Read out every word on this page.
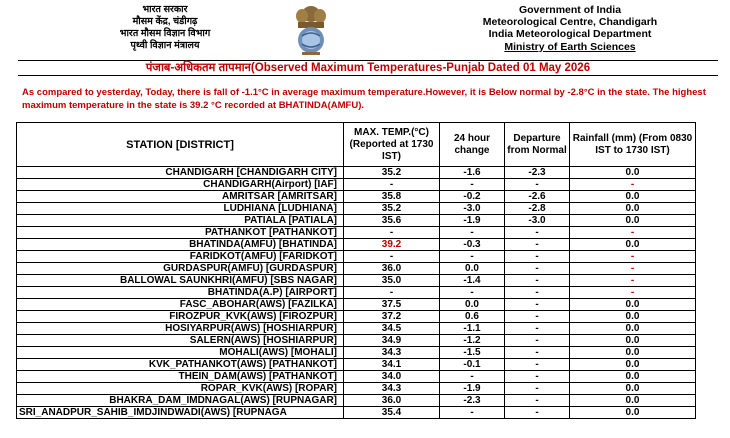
भारत सरकार
मौसम केंद्र, चंडीगढ़
भारत मौसम विज्ञान विभाग
पृथ्वी विज्ञान मंत्रालय
Government of India
Meteorological Centre, Chandigarh
India Meteorological Department
Ministry of Earth Sciences
पंजाब-अधिकतम तापमान(Observed Maximum Temperatures-Punjab Dated 01 May 2026
As compared to yesterday, Today, there is fall of -1.1°C in average maximum temperature.However, it is Below normal by -2.8°C in the state. The highest maximum temperature in the state is 39.2 °C recorded at BHATINDA(AMFU).
STATION [DISTRICT]	MAX. TEMP.(°C) (Reported at 1730 IST)	24 hour change	Departure from Normal	Rainfall (mm) (From 0830 IST to 1730 IST)
CHANDIGARH [CHANDIGARH CITY]	35.2	-1.6	-2.3	0.0
CHANDIGARH(Airport) [IAF]	-	-	-	-
AMRITSAR [AMRITSAR]	35.8	-0.2	-2.6	0.0
LUDHIANA [LUDHIANA]	35.2	-3.0	-2.8	0.0
PATIALA [PATIALA]	35.6	-1.9	-3.0	0.0
PATHANKOT [PATHANKOT]	-	-	-	-
BHATINDA(AMFU) [BHATINDA]	39.2	-0.3	-	0.0
FARIDKOT(AMFU) [FARIDKOT]	-	-	-	-
GURDASPUR(AMFU) [GURDASPUR]	36.0	0.0	-	-
BALLOWAL SAUNKHRI(AMFU) [SBS NAGAR]	35.0	-1.4	-	-
BHATINDA(A.P) [AIRPORT]	-	-	-	-
FASC_ABOHAR(AWS) [FAZILKA]	37.5	0.0	-	0.0
FIROZPUR_KVK(AWS) [FIROZPUR]	37.2	0.6	-	0.0
HOSIYARPUR(AWS) [HOSHIARPUR]	34.5	-1.1	-	0.0
SALERN(AWS) [HOSHIARPUR]	34.9	-1.2	-	0.0
MOHALI(AWS) [MOHALI]	34.3	-1.5	-	0.0
KVK_PATHANKOT(AWS) [PATHANKOT]	34.1	-0.1	-	0.0
THEIN_DAM(AWS) [PATHANKOT]	34.0	-	-	0.0
ROPAR_KVK(AWS) [ROPAR]	34.3	-1.9	-	0.0
BHAKRA_DAM_IMDNAGAL(AWS) [RUPNAGAR]	36.0	-2.3	-	0.0
SRI_ANADPUR_SAHIB_IMDJINDWADI(AWS) [RUPNAGA	35.4	-	-	0.0
